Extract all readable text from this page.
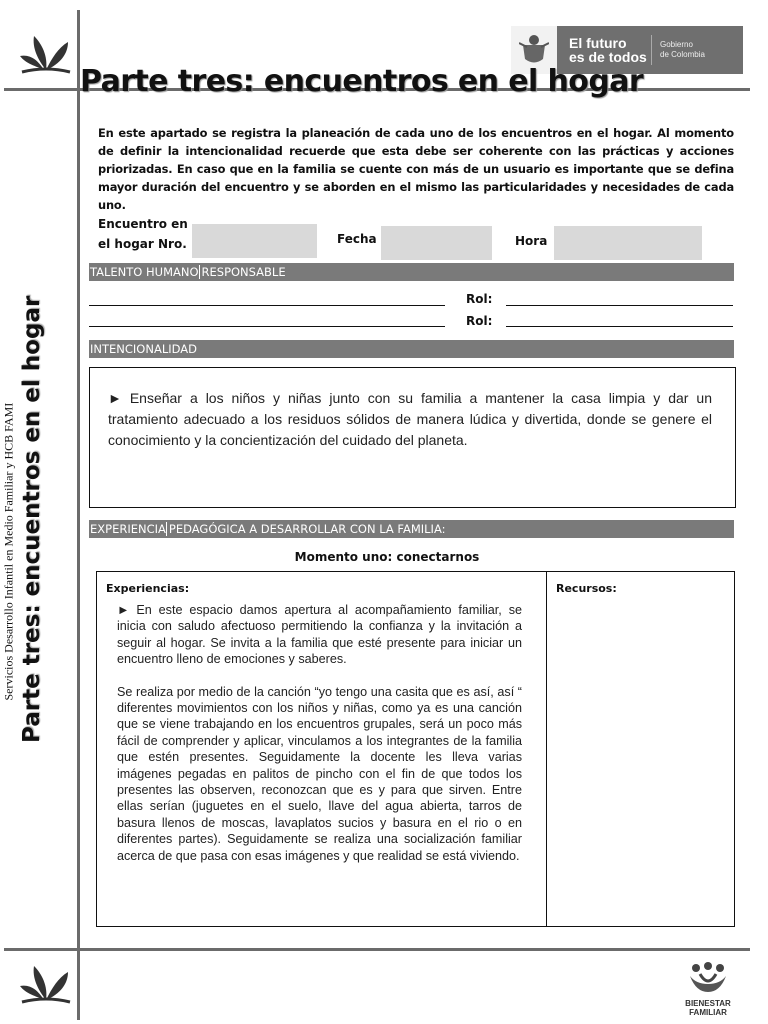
El futuro
es de todos
Gobierno
de Colombia
Parte tres: encuentros en el hogar
Parte tres: encuentros en el hogar
Servicios Desarrollo Infantil en Medio Familiar y HCB FAMI
En este apartado se registra la planeación de cada uno de los encuentros en el hogar. Al momento de definir la intencionalidad recuerde que esta debe ser coherente con las prácticas y acciones priorizadas. En caso que en la familia se cuente con más de un usuario es importante que se defina mayor duración del encuentro y se aborden en el mismo las particularidades y necesidades de cada uno.
Encuentro en
el hogar Nro.	Fecha	Hora
TALENTO HUMANO RESPONSABLE
Rol:
Rol:
INTENCIONALIDAD
► Enseñar a los niños y niñas junto con su familia a mantener la casa limpia y dar un tratamiento adecuado a los residuos sólidos de manera lúdica y divertida, donde se genere el conocimiento y la concientización del cuidado del planeta.
EXPERIENCIA PEDAGÓGICA A DESARROLLAR CON LA FAMILIA:
Momento uno: conectarnos
Experiencias:	Recursos:

► En este espacio damos apertura al acompañamiento familiar, se inicia con saludo afectuoso permitiendo la confianza y la invitación a seguir al hogar. Se invita a la familia que esté presente para iniciar un encuentro lleno de emociones y saberes.

Se realiza por medio de la canción “yo tengo una casita que es así, así “ diferentes movimientos con los niños y niñas, como ya es una canción que se viene trabajando en los encuentros grupales, será un poco más fácil de comprender y aplicar, vinculamos a los integrantes de la familia que estén presentes. Seguidamente la docente les lleva varias imágenes pegadas en palitos de pincho con el fin de que todos los presentes las observen, reconozcan que es y para que sirven. Entre ellas serían (juguetes en el suelo, llave del agua abierta, tarros de basura llenos de moscas, lavaplatos sucios y basura en el rio o en diferentes partes). Seguidamente se realiza una socialización familiar acerca de que pasa con esas imágenes y que realidad se está viviendo.

BIENESTAR
FAMILIAR
